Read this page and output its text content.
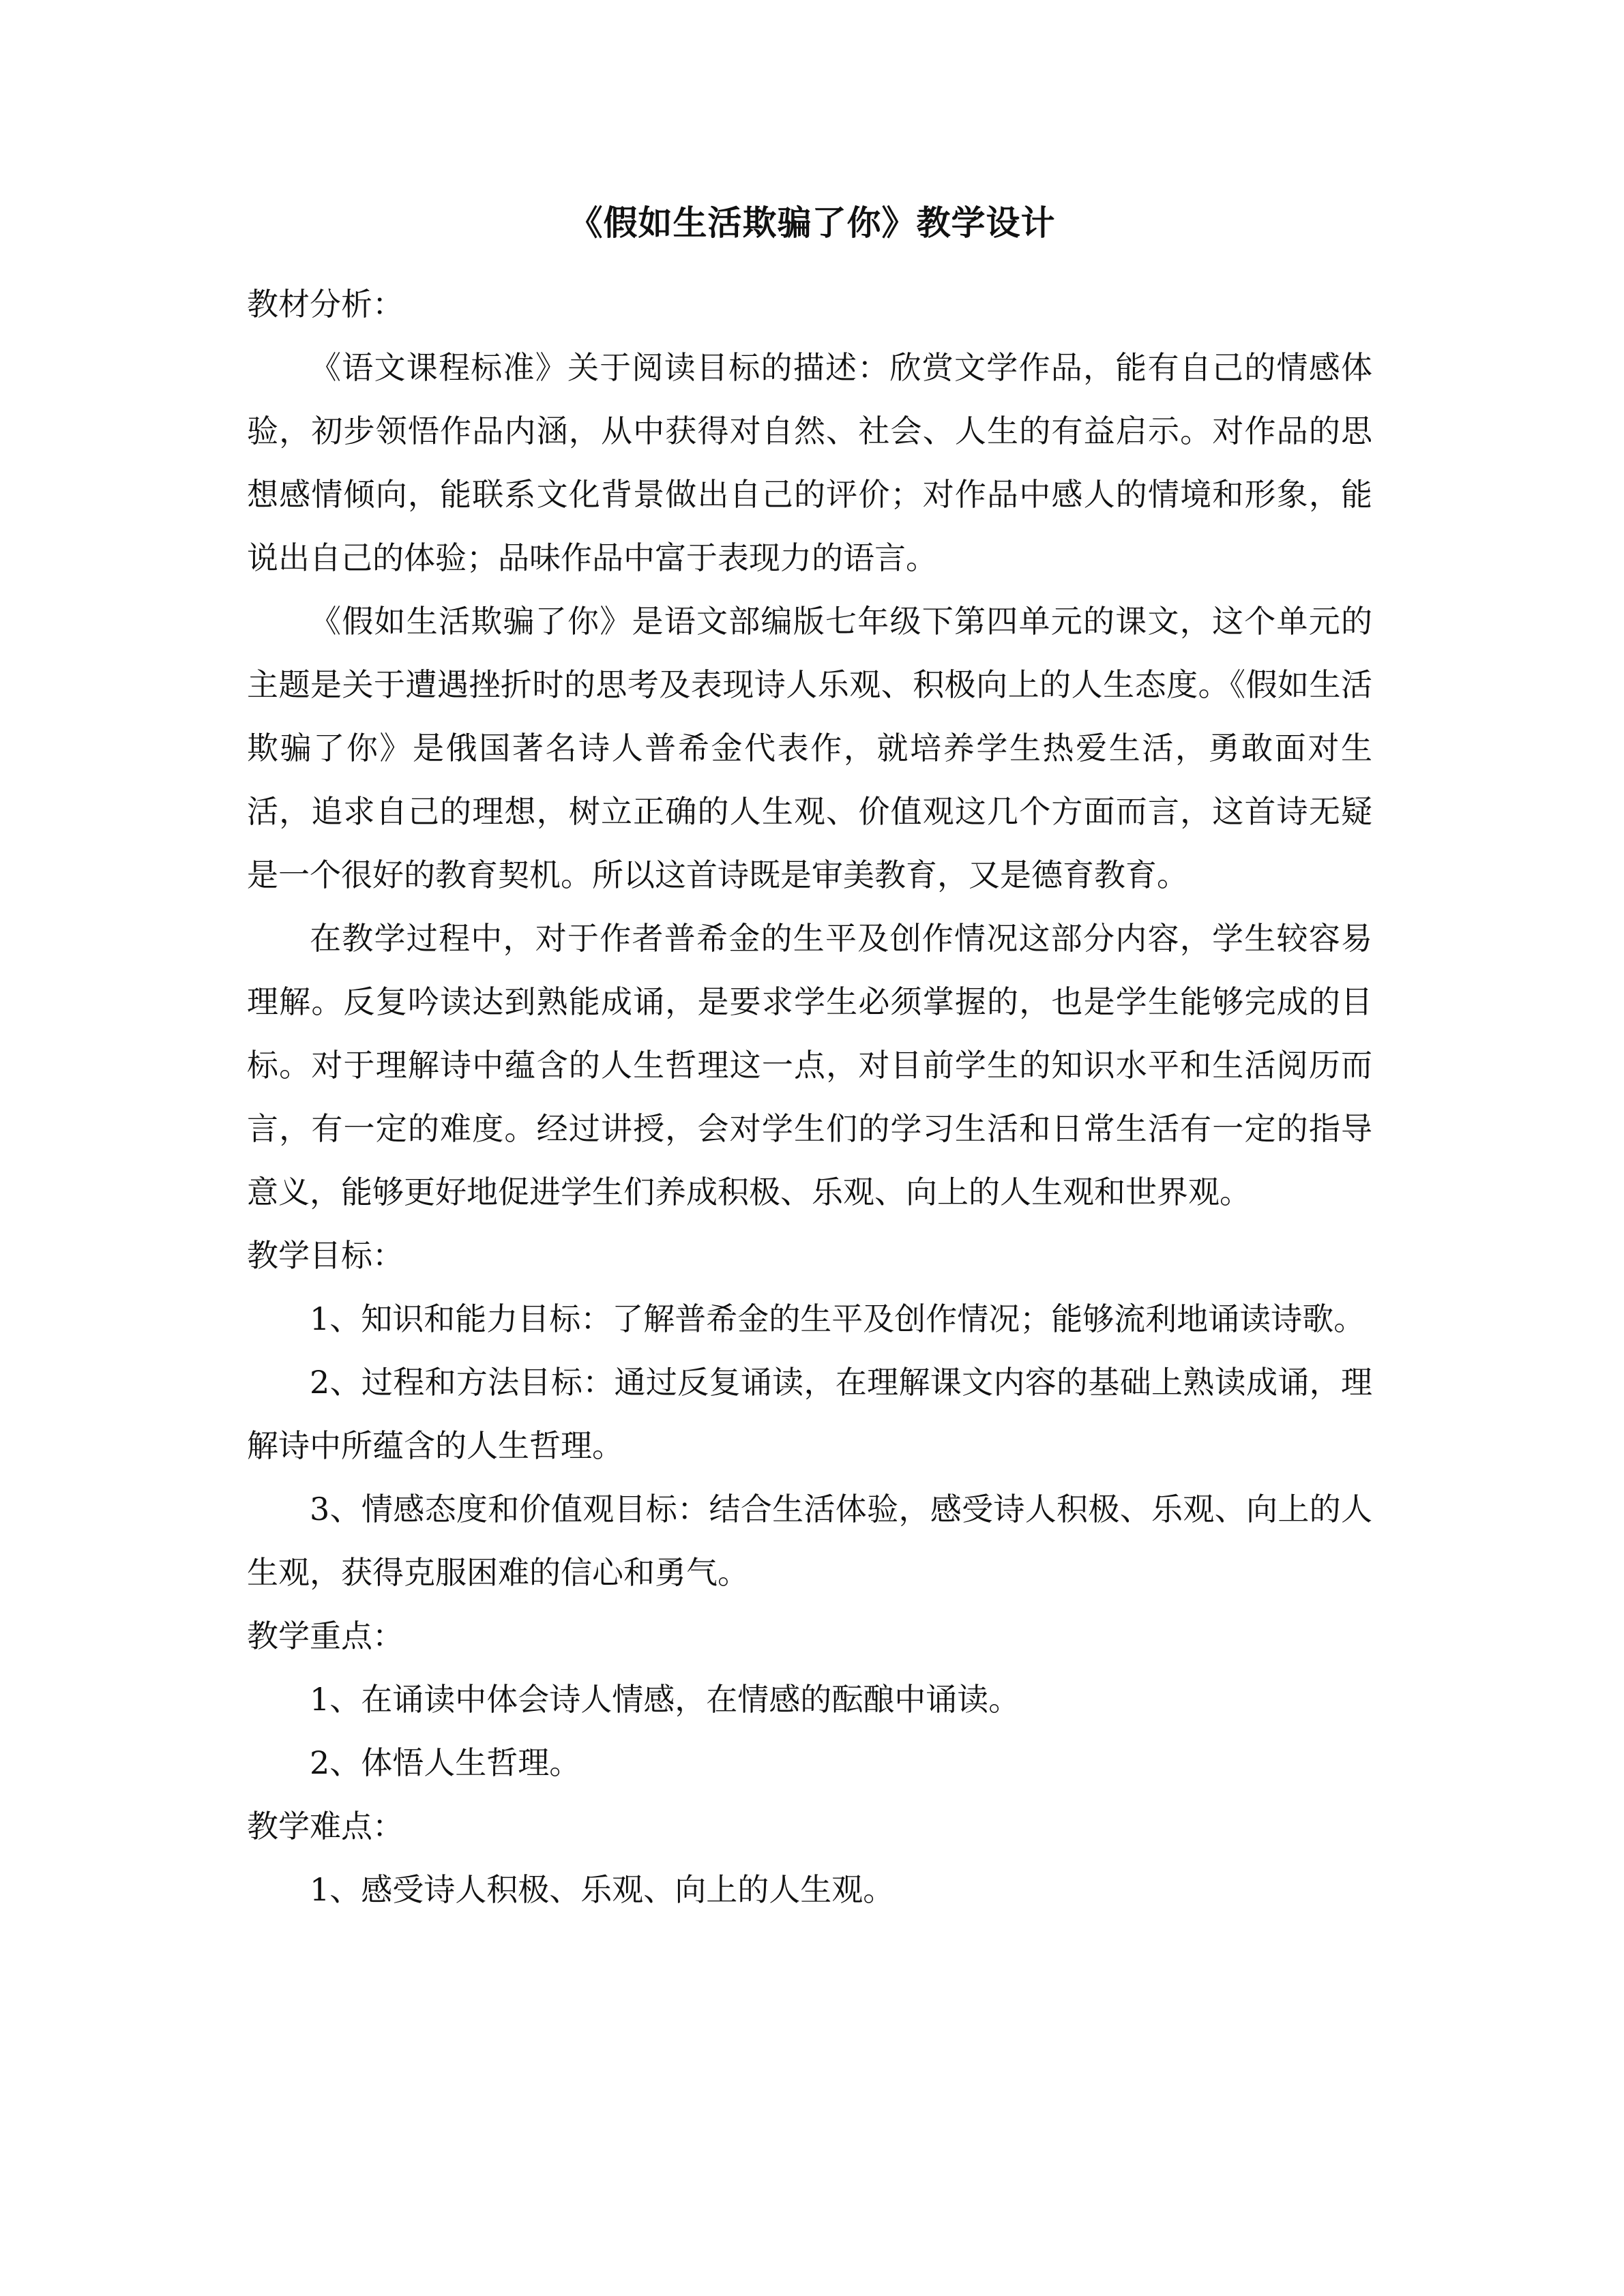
《假如生活欺骗了你》教学设计

教材分析：

《语文课程标准》关于阅读目标的描述：欣赏文学作品，能有自己的情感体验，初步领悟作品内涵，从中获得对自然、社会、人生的有益启示。对作品的思想感情倾向，能联系文化背景做出自己的评价；对作品中感人的情境和形象，能说出自己的体验；品味作品中富于表现力的语言。

《假如生活欺骗了你》是语文部编版七年级下第四单元的课文，这个单元的主题是关于遭遇挫折时的思考及表现诗人乐观、积极向上的人生态度。《假如生活欺骗了你》是俄国著名诗人普希金代表作，就培养学生热爱生活，勇敢面对生活，追求自己的理想，树立正确的人生观、价值观这几个方面而言，这首诗无疑是一个很好的教育契机。所以这首诗既是审美教育，又是德育教育。

在教学过程中，对于作者普希金的生平及创作情况这部分内容，学生较容易理解。反复吟读达到熟能成诵，是要求学生必须掌握的，也是学生能够完成的目标。对于理解诗中蕴含的人生哲理这一点，对目前学生的知识水平和生活阅历而言，有一定的难度。经过讲授，会对学生们的学习生活和日常生活有一定的指导意义，能够更好地促进学生们养成积极、乐观、向上的人生观和世界观。

教学目标：

1、知识和能力目标：了解普希金的生平及创作情况；能够流利地诵读诗歌。

2、过程和方法目标：通过反复诵读，在理解课文内容的基础上熟读成诵，理解诗中所蕴含的人生哲理。

3、情感态度和价值观目标：结合生活体验，感受诗人积极、乐观、向上的人生观，获得克服困难的信心和勇气。

教学重点：

1、在诵读中体会诗人情感，在情感的酝酿中诵读。

2、体悟人生哲理。

教学难点：

1、感受诗人积极、乐观、向上的人生观。
